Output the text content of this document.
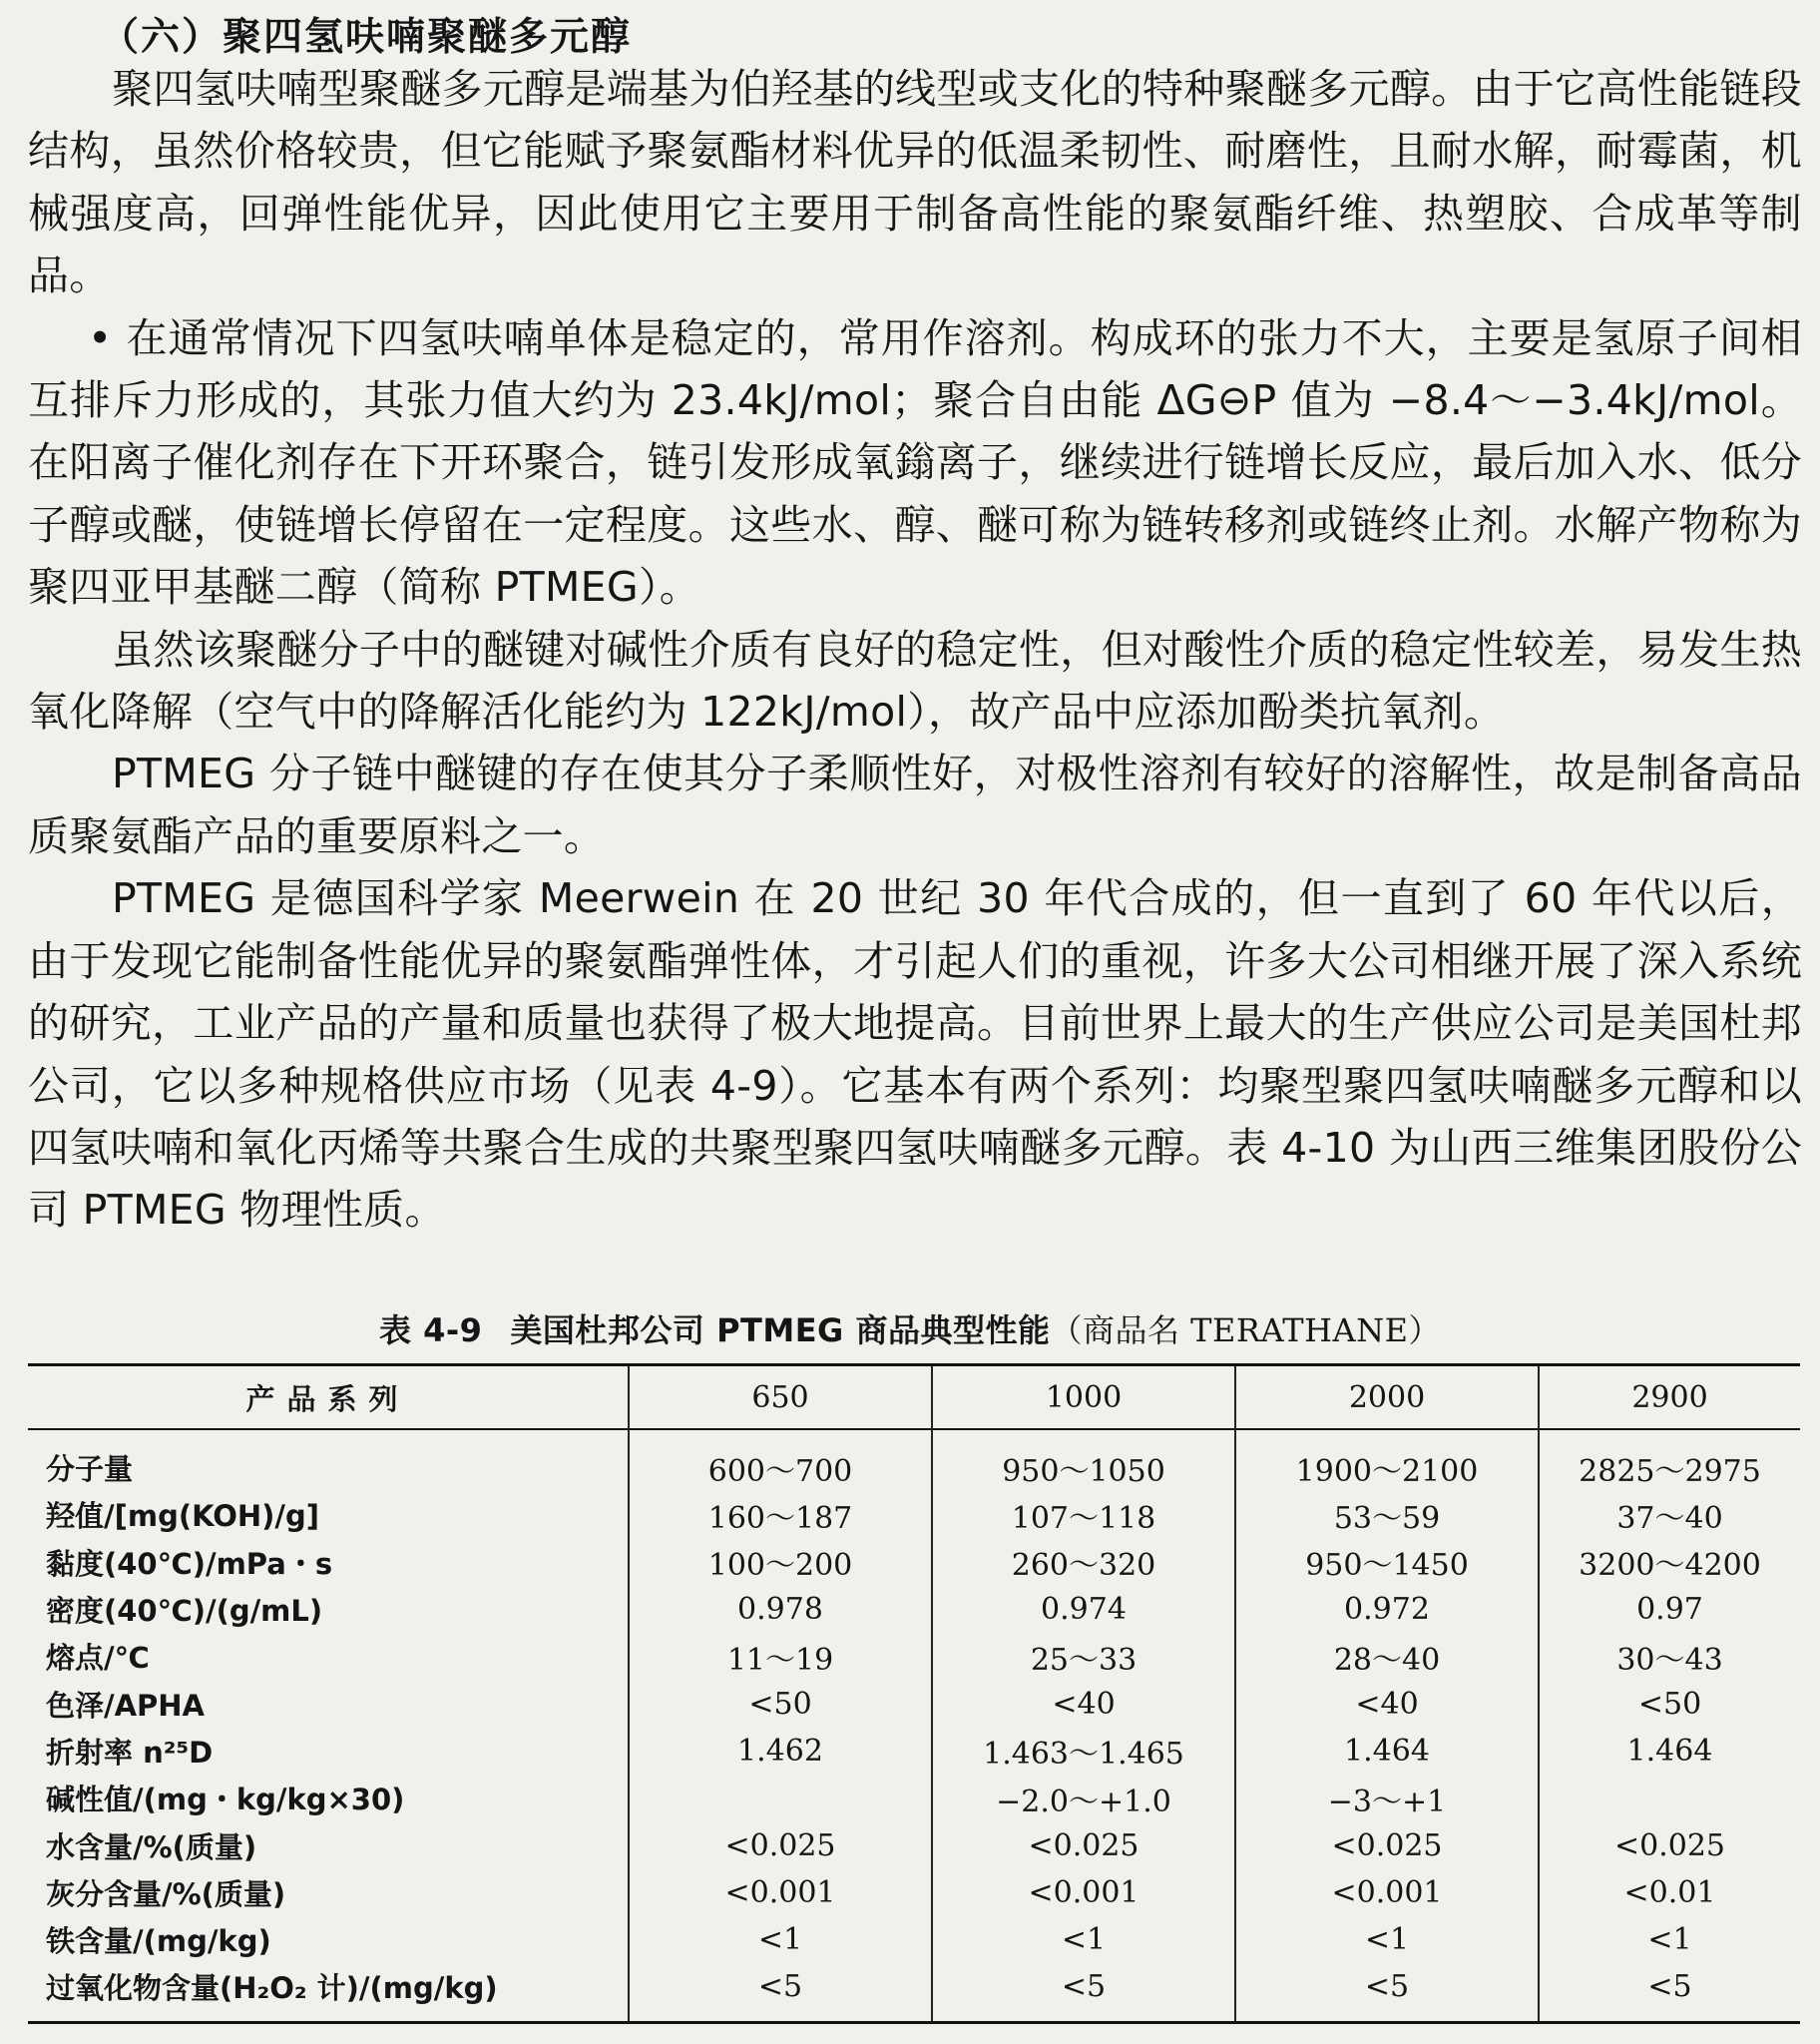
（六）聚四氢呋喃聚醚多元醇

聚四氢呋喃型聚醚多元醇是端基为伯羟基的线型或支化的特种聚醚多元醇。由于它高性能链段结构，虽然价格较贵，但它能赋予聚氨酯材料优异的低温柔韧性、耐磨性，且耐水解，耐霉菌，机械强度高，回弹性能优异，因此使用它主要用于制备高性能的聚氨酯纤维、热塑胶、合成革等制品。

• 在通常情况下四氢呋喃单体是稳定的，常用作溶剂。构成环的张力不大，主要是氢原子间相互排斥力形成的，其张力值大约为 23.4kJ/mol；聚合自由能 ΔG⊖P 值为 −8.4～−3.4kJ/mol。在阳离子催化剂存在下开环聚合，链引发形成氧鎓离子，继续进行链增长反应，最后加入水、低分子醇或醚，使链增长停留在一定程度。这些水、醇、醚可称为链转移剂或链终止剂。水解产物称为聚四亚甲基醚二醇（简称 PTMEG）。

虽然该聚醚分子中的醚键对碱性介质有良好的稳定性，但对酸性介质的稳定性较差，易发生热氧化降解（空气中的降解活化能约为 122kJ/mol），故产品中应添加酚类抗氧剂。

PTMEG 分子链中醚键的存在使其分子柔顺性好，对极性溶剂有较好的溶解性，故是制备高品质聚氨酯产品的重要原料之一。

PTMEG 是德国科学家 Meerwein 在 20 世纪 30 年代合成的，但一直到了 60 年代以后，由于发现它能制备性能优异的聚氨酯弹性体，才引起人们的重视，许多大公司相继开展了深入系统的研究，工业产品的产量和质量也获得了极大地提高。目前世界上最大的生产供应公司是美国杜邦公司，它以多种规格供应市场（见表 4-9）。它基本有两个系列：均聚型聚四氢呋喃醚多元醇和以四氢呋喃和氧化丙烯等共聚合生成的共聚型聚四氢呋喃醚多元醇。表 4-10 为山西三维集团股份公司 PTMEG 物理性质。

表 4-9 美国杜邦公司 PTMEG 商品典型性能（商品名 TERATHANE）
产品系列	650	1000	2000	2900
分子量	600～700	950～1050	1900～2100	2825～2975
羟值/[mg(KOH)/g]	160～187	107～118	53～59	37～40
黏度(40℃)/mPa・s	100～200	260～320	950～1450	3200～4200
密度(40℃)/(g/mL)	0.978	0.974	0.972	0.97
熔点/℃	11～19	25～33	28～40	30～43
色泽/APHA	<50	<40	<40	<50
折射率 n²⁵D	1.462	1.463～1.465	1.464	1.464
碱性值/(mg・kg/kg×30)		−2.0～+1.0	−3～+1	
水含量/%(质量)	<0.025	<0.025	<0.025	<0.025
灰分含量/%(质量)	<0.001	<0.001	<0.001	<0.01
铁含量/(mg/kg)	<1	<1	<1	<1
过氧化物含量(H₂O₂ 计)/(mg/kg)	<5	<5	<5	<5
